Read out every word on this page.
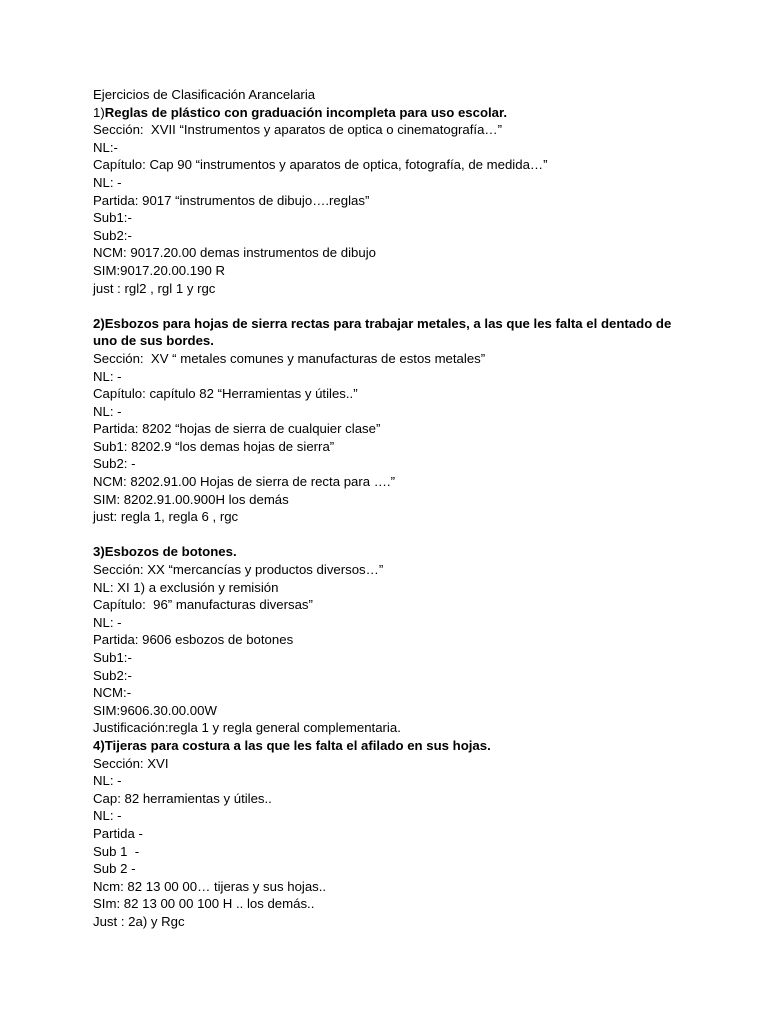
Ejercicios de Clasificación Arancelaria
1)Reglas de plástico con graduación incompleta para uso escolar.
Sección:  XVII “Instrumentos y aparatos de optica o cinematografía…”
NL:-
Capítulo: Cap 90 “instrumentos y aparatos de optica, fotografía, de medida…”
NL: -
Partida: 9017 “instrumentos de dibujo….reglas”
Sub1:-
Sub2:-
NCM: 9017.20.00 demas instrumentos de dibujo
SIM:9017.20.00.190 R
just : rgl2 , rgl 1 y rgc
2)Esbozos para hojas de sierra rectas para trabajar metales, a las que les falta el dentado de uno de sus bordes.
Sección:  XV “ metales comunes y manufacturas de estos metales”
NL: -
Capítulo: capítulo 82 “Herramientas y útiles..”
NL: -
Partida: 8202 “hojas de sierra de cualquier clase”
Sub1: 8202.9 “los demas hojas de sierra”
Sub2: -
NCM: 8202.91.00 Hojas de sierra de recta para ….”
SIM: 8202.91.00.900H los demás
just: regla 1, regla 6 , rgc
3)Esbozos de botones.
Sección: XX “mercancías y productos diversos…”
NL: XI 1) a exclusión y remisión
Capítulo:  96” manufacturas diversas”
NL: -
Partida: 9606 esbozos de botones
Sub1:-
Sub2:-
NCM:-
SIM:9606.30.00.00W
Justificación:regla 1 y regla general complementaria.
4)Tijeras para costura a las que les falta el afilado en sus hojas.
Sección: XVI
NL: -
Cap: 82 herramientas y útiles..
NL: -
Partida -
Sub 1  -
Sub 2 -
Ncm: 82 13 00 00… tijeras y sus hojas..
SIm: 82 13 00 00 100 H .. los demás..
Just : 2a) y Rgc
